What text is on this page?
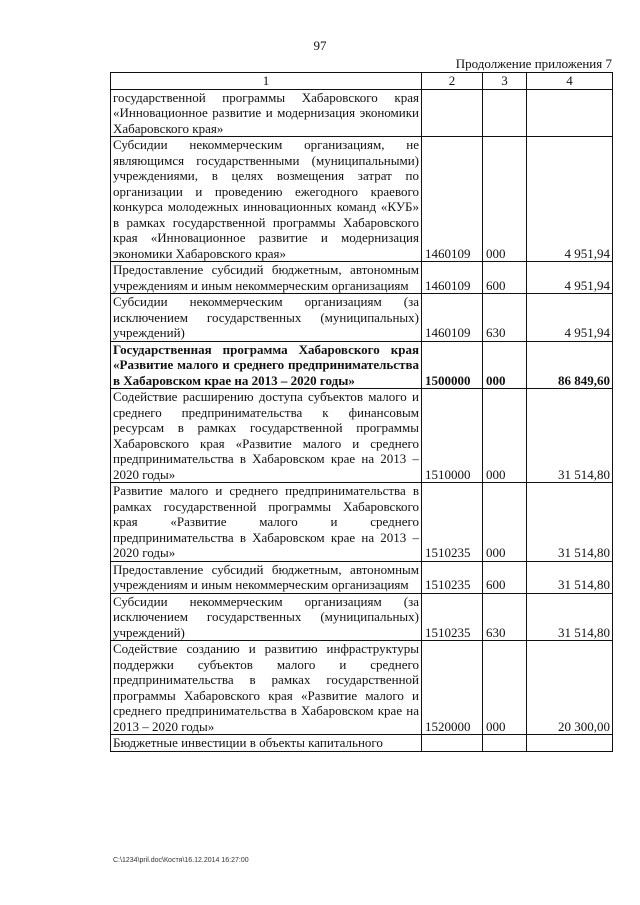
97
Продолжение приложения 7
1	2	3	4
государственной программы Хабаровского края «Инновационное развитие и модернизация экономики Хабаровского края»			
Субсидии некоммерческим организациям, не являющимся государственными (муниципальными) учреждениями, в целях возмещения затрат по организации и проведению ежегодного краевого конкурса молодежных инновационных команд «КУБ» в рамках государственной программы Хабаровского края «Инновационное развитие и модернизация экономики Хабаровского края»	1460109	000	4 951,94
Предоставление субсидий бюджетным, автономным учреждениям и иным некоммерческим организациям	1460109	600	4 951,94
Субсидии некоммерческим организациям (за исключением государственных (муниципальных) учреждений)	1460109	630	4 951,94
Государственная программа Хабаровского края «Развитие малого и среднего предпринимательства в Хабаровском крае на 2013 – 2020 годы»	1500000	000	86 849,60
Содействие расширению доступа субъектов малого и среднего предпринимательства к финансовым ресурсам в рамках государственной программы Хабаровского края «Развитие малого и среднего предпринимательства в Хабаровском крае на 2013 – 2020 годы»	1510000	000	31 514,80
Развитие малого и среднего предпринимательства в рамках государственной программы Хабаровского края «Развитие малого и среднего предпринимательства в Хабаровском крае на 2013 – 2020 годы»	1510235	000	31 514,80
Предоставление субсидий бюджетным, автономным учреждениям и иным некоммерческим организациям	1510235	600	31 514,80
Субсидии некоммерческим организациям (за исключением государственных (муниципальных) учреждений)	1510235	630	31 514,80
Содействие созданию и развитию инфраструктуры поддержки субъектов малого и среднего предпринимательства в рамках государственной программы Хабаровского края «Развитие малого и среднего предпринимательства в Хабаровском крае на 2013 – 2020 годы»	1520000	000	20 300,00
Бюджетные инвестиции в объекты капитального			
C:\1234\pril.doc\Костя\16.12.2014 16:27:00
